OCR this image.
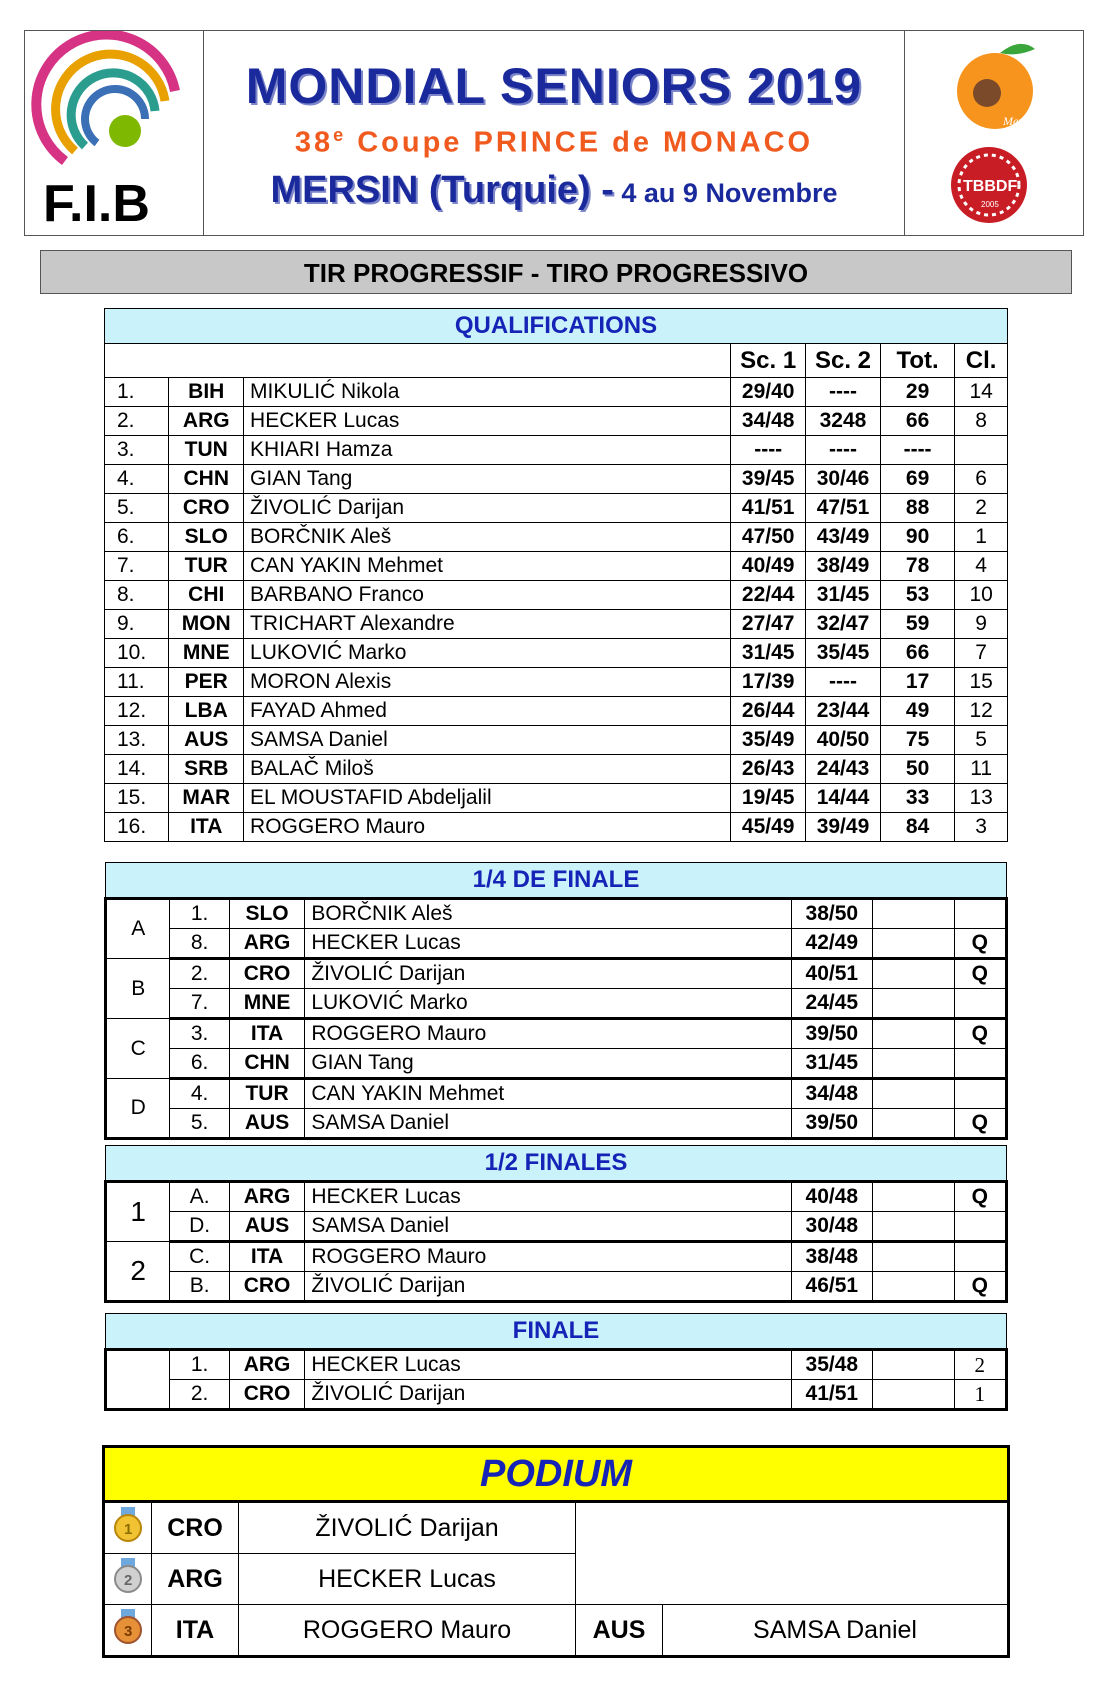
F.I.B
MONDIAL SENIORS 2019
38e Coupe PRINCE de MONACO
MERSIN (Turquie) - 4 au 9 Novembre
Mersin
TBBDF
2005
TIR PROGRESSIF - TIRO PROGRESSIVO
QUALIFICATIONS						
			Sc. 1	Sc. 2	Tot.	Cl.
1.	BIH	MIKULIĆ Nikola	29/40	----	29	14
2.	ARG	HECKER Lucas	34/48	3248	66	8
3.	TUN	KHIARI Hamza	----	----	----	
4.	CHN	GIAN Tang	39/45	30/46	69	6
5.	CRO	ŽIVOLIĆ Darijan	41/51	47/51	88	2
6.	SLO	BORČNIK Aleš	47/50	43/49	90	1
7.	TUR	CAN YAKIN Mehmet	40/49	38/49	78	4
8.	CHI	BARBANO Franco	22/44	31/45	53	10
9.	MON	TRICHART Alexandre	27/47	32/47	59	9
10.	MNE	LUKOVIĆ Marko	31/45	35/45	66	7
11.	PER	MORON Alexis	17/39	----	17	15
12.	LBA	FAYAD Ahmed	26/44	23/44	49	12
13.	AUS	SAMSA Daniel	35/49	40/50	75	5
14.	SRB	BALAČ Miloš	26/43	24/43	50	11
15.	MAR	EL MOUSTAFID Abdeljalil	19/45	14/44	33	13
16.	ITA	ROGGERO Mauro	45/49	39/49	84	3
1/4 DE FINALE						
A	1.	SLO	BORČNIK Aleš	38/50		
	8.	ARG	HECKER Lucas	42/49		Q
B	2.	CRO	ŽIVOLIĆ Darijan	40/51		Q
	7.	MNE	LUKOVIĆ Marko	24/45		
C	3.	ITA	ROGGERO Mauro	39/50		Q
	6.	CHN	GIAN Tang	31/45		
D	4.	TUR	CAN YAKIN Mehmet	34/48		
	5.	AUS	SAMSA Daniel	39/50		Q
1/2 FINALES						
1	A.	ARG	HECKER Lucas	40/48		Q
	D.	AUS	SAMSA Daniel	30/48		
2	C.	ITA	ROGGERO Mauro	38/48		
	B.	CRO	ŽIVOLIĆ Darijan	46/51		Q
FINALE						
	1.	ARG	HECKER Lucas	35/48		2
	2.	CRO	ŽIVOLIĆ Darijan	41/51		1
PODIUM				

1	CRO	ŽIVOLIĆ Darijan		

2	ARG	HECKER Lucas		

3	ITA	ROGGERO Mauro	AUS	SAMSA Daniel
